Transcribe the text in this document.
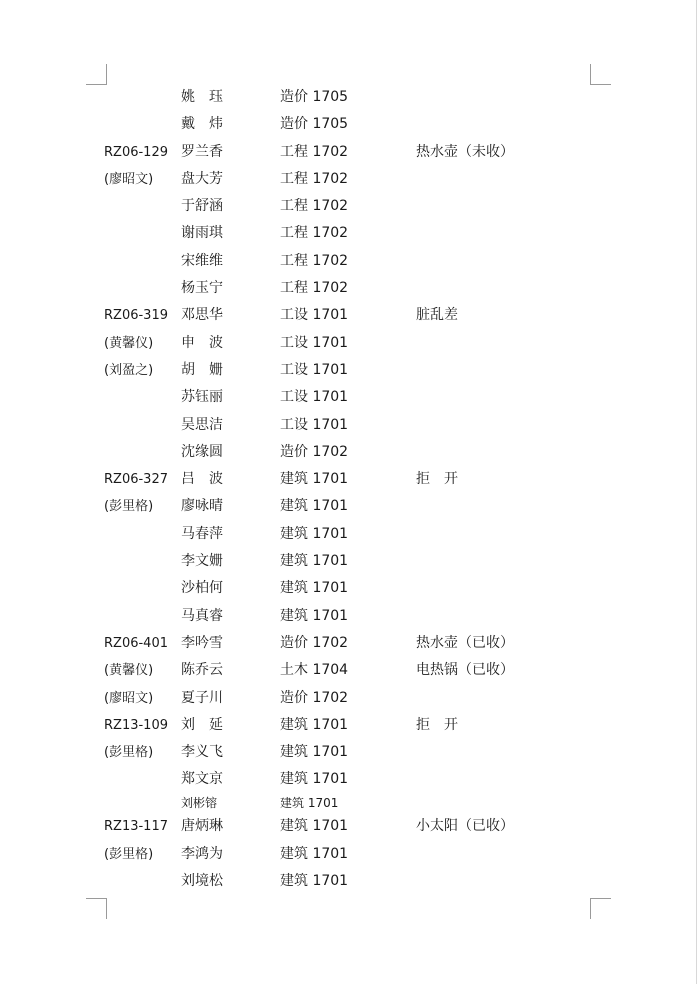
姚　珏	造价 1705
戴　炜	造价 1705
RZ06-129 罗兰香	工程 1702	热水壶（未收）
(廖昭文) 盘大芳	工程 1702
于舒涵	工程 1702
谢雨琪	工程 1702
宋维维	工程 1702
杨玉宁	工程 1702
RZ06-319 邓思华	工设 1701	脏乱差
(黄馨仪) 申　波	工设 1701
(刘盈之) 胡　姗	工设 1701
苏钰丽	工设 1701
吴思洁	工设 1701
沈缘圆	造价 1702
RZ06-327 吕　波	建筑 1701	拒　开
(彭里格) 廖咏晴	建筑 1701
马春萍	建筑 1701
李文姗	建筑 1701
沙柏何	建筑 1701
马真睿	建筑 1701
RZ06-401 李吟雪	造价 1702	热水壶（已收）
(黄馨仪) 陈乔云	土木 1704	电热锅（已收）
(廖昭文) 夏子川	造价 1702
RZ13-109 刘　延	建筑 1701	拒　开
(彭里格) 李义飞	建筑 1701
郑文京	建筑 1701
刘彬镕	建筑 1701
RZ13-117 唐炳琳	建筑 1701	小太阳（已收）
(彭里格) 李鸿为	建筑 1701
刘境松	建筑 1701
